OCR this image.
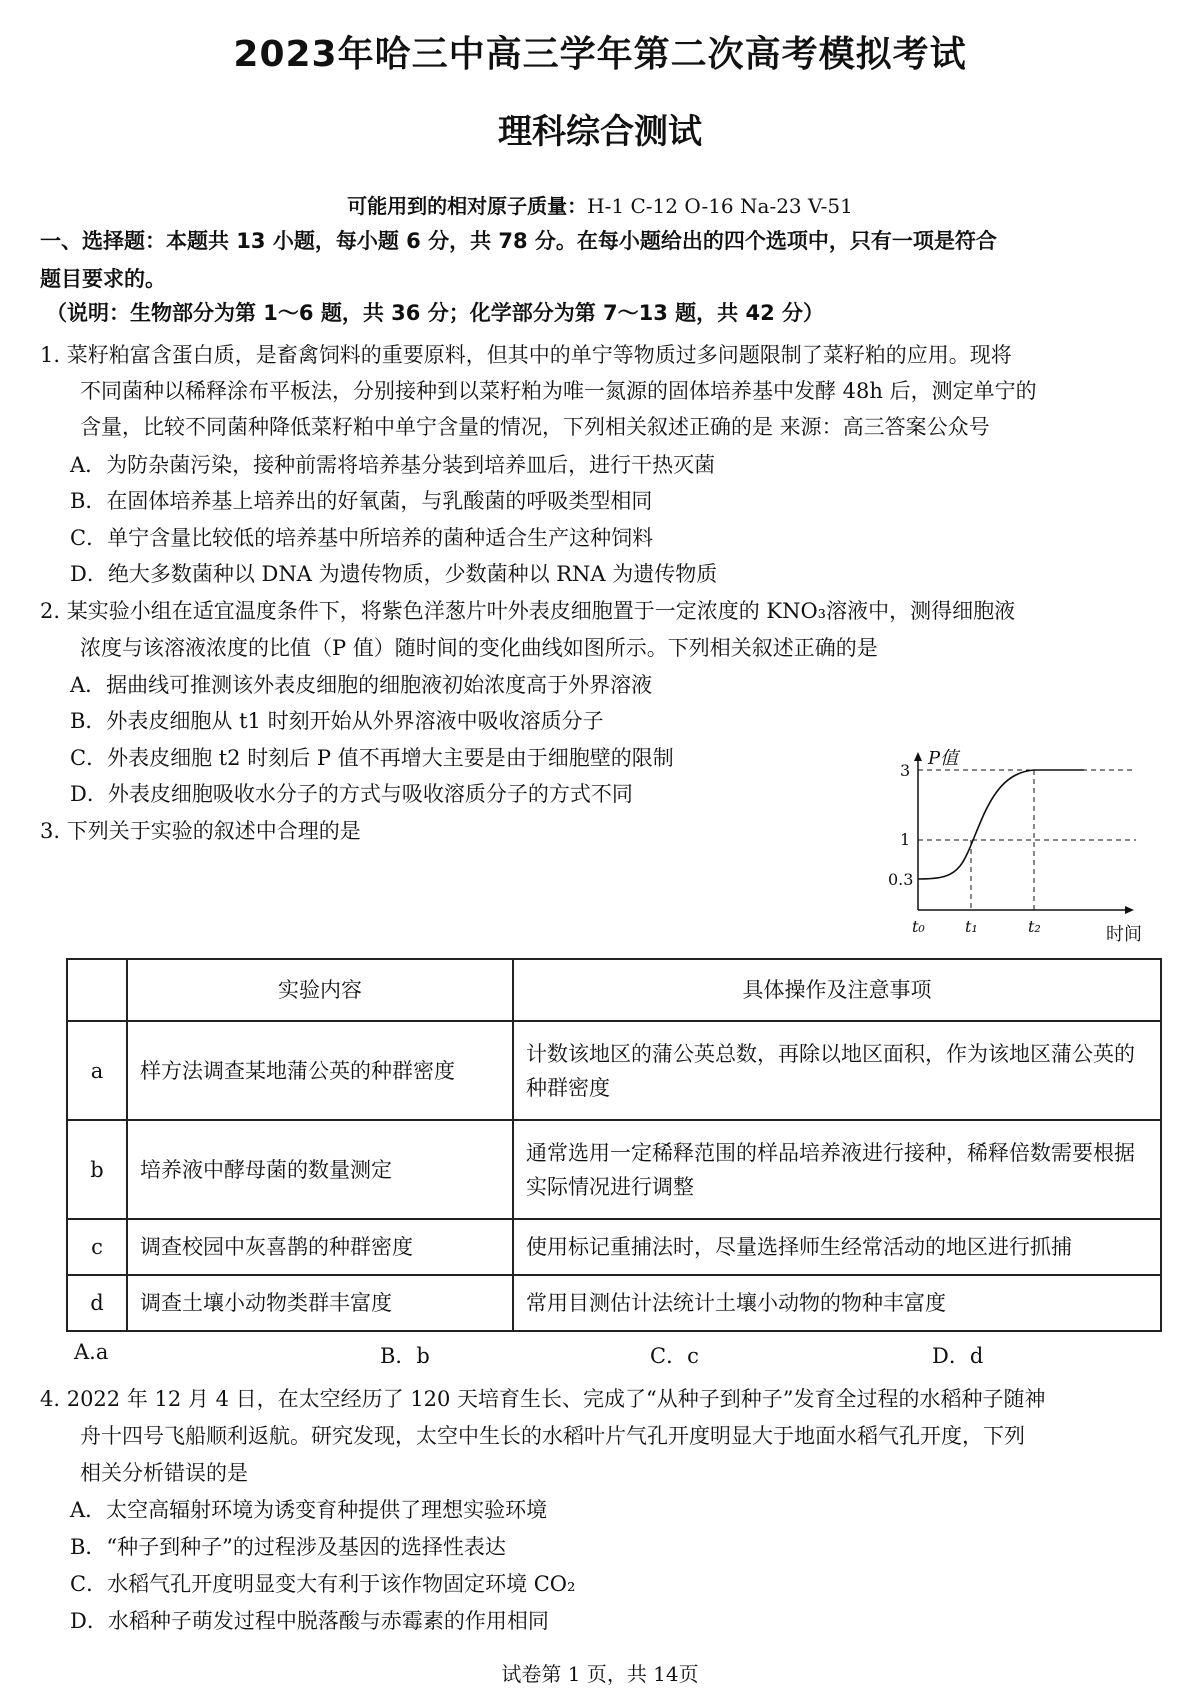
2023年哈三中高三学年第二次高考模拟考试
理科综合测试
可能用到的相对原子质量：H-1 C-12 O-16 Na-23 V-51
一、选择题：本题共 13 小题，每小题 6 分，共 78 分。在每小题给出的四个选项中，只有一项是符合
题目要求的。
（说明：生物部分为第 1～6 题，共 36 分；化学部分为第 7～13 题，共 42 分）
1. 菜籽粕富含蛋白质，是畜禽饲料的重要原料，但其中的单宁等物质过多问题限制了菜籽粕的应用。现将
不同菌种以稀释涂布平板法，分别接种到以菜籽粕为唯一氮源的固体培养基中发酵 48h 后，测定单宁的
含量，比较不同菌种降低菜籽粕中单宁含量的情况，下列相关叙述正确的是 来源：高三答案公众号
A．为防杂菌污染，接种前需将培养基分装到培养皿后，进行干热灭菌
B．在固体培养基上培养出的好氧菌，与乳酸菌的呼吸类型相同
C．单宁含量比较低的培养基中所培养的菌种适合生产这种饲料
D．绝大多数菌种以 DNA 为遗传物质，少数菌种以 RNA 为遗传物质
2. 某实验小组在适宜温度条件下，将紫色洋葱片叶外表皮细胞置于一定浓度的 KNO₃溶液中，测得细胞液
浓度与该溶液浓度的比值（P 值）随时间的变化曲线如图所示。下列相关叙述正确的是
A．据曲线可推测该外表皮细胞的细胞液初始浓度高于外界溶液
B．外表皮细胞从 t1 时刻开始从外界溶液中吸收溶质分子
C．外表皮细胞 t2 时刻后 P 值不再增大主要是由于细胞壁的限制
D．外表皮细胞吸收水分子的方式与吸收溶质分子的方式不同
P值
时间
3
1
0.3
t₀	t₁	t₂
3. 下列关于实验的叙述中合理的是
	实验内容	具体操作及注意事项
a	样方法调查某地蒲公英的种群密度	计数该地区的蒲公英总数，再除以地区面积，作为该地区蒲公英的种群密度
b	培养液中酵母菌的数量测定	通常选用一定稀释范围的样品培养液进行接种，稀释倍数需要根据实际情况进行调整
c	调查校园中灰喜鹊的种群密度	使用标记重捕法时，尽量选择师生经常活动的地区进行抓捕
d	调查土壤小动物类群丰富度	常用目测估计法统计土壤小动物的物种丰富度
A.a	B．b	C．c	D．d
4. 2022 年 12 月 4 日，在太空经历了 120 天培育生长、完成了“从种子到种子”发育全过程的水稻种子随神
舟十四号飞船顺利返航。研究发现，太空中生长的水稻叶片气孔开度明显大于地面水稻气孔开度，下列
相关分析错误的是
A．太空高辐射环境为诱变育种提供了理想实验环境
B．“种子到种子”的过程涉及基因的选择性表达
C．水稻气孔开度明显变大有利于该作物固定环境 CO₂
D．水稻种子萌发过程中脱落酸与赤霉素的作用相同
试卷第 1 页，共 14页
